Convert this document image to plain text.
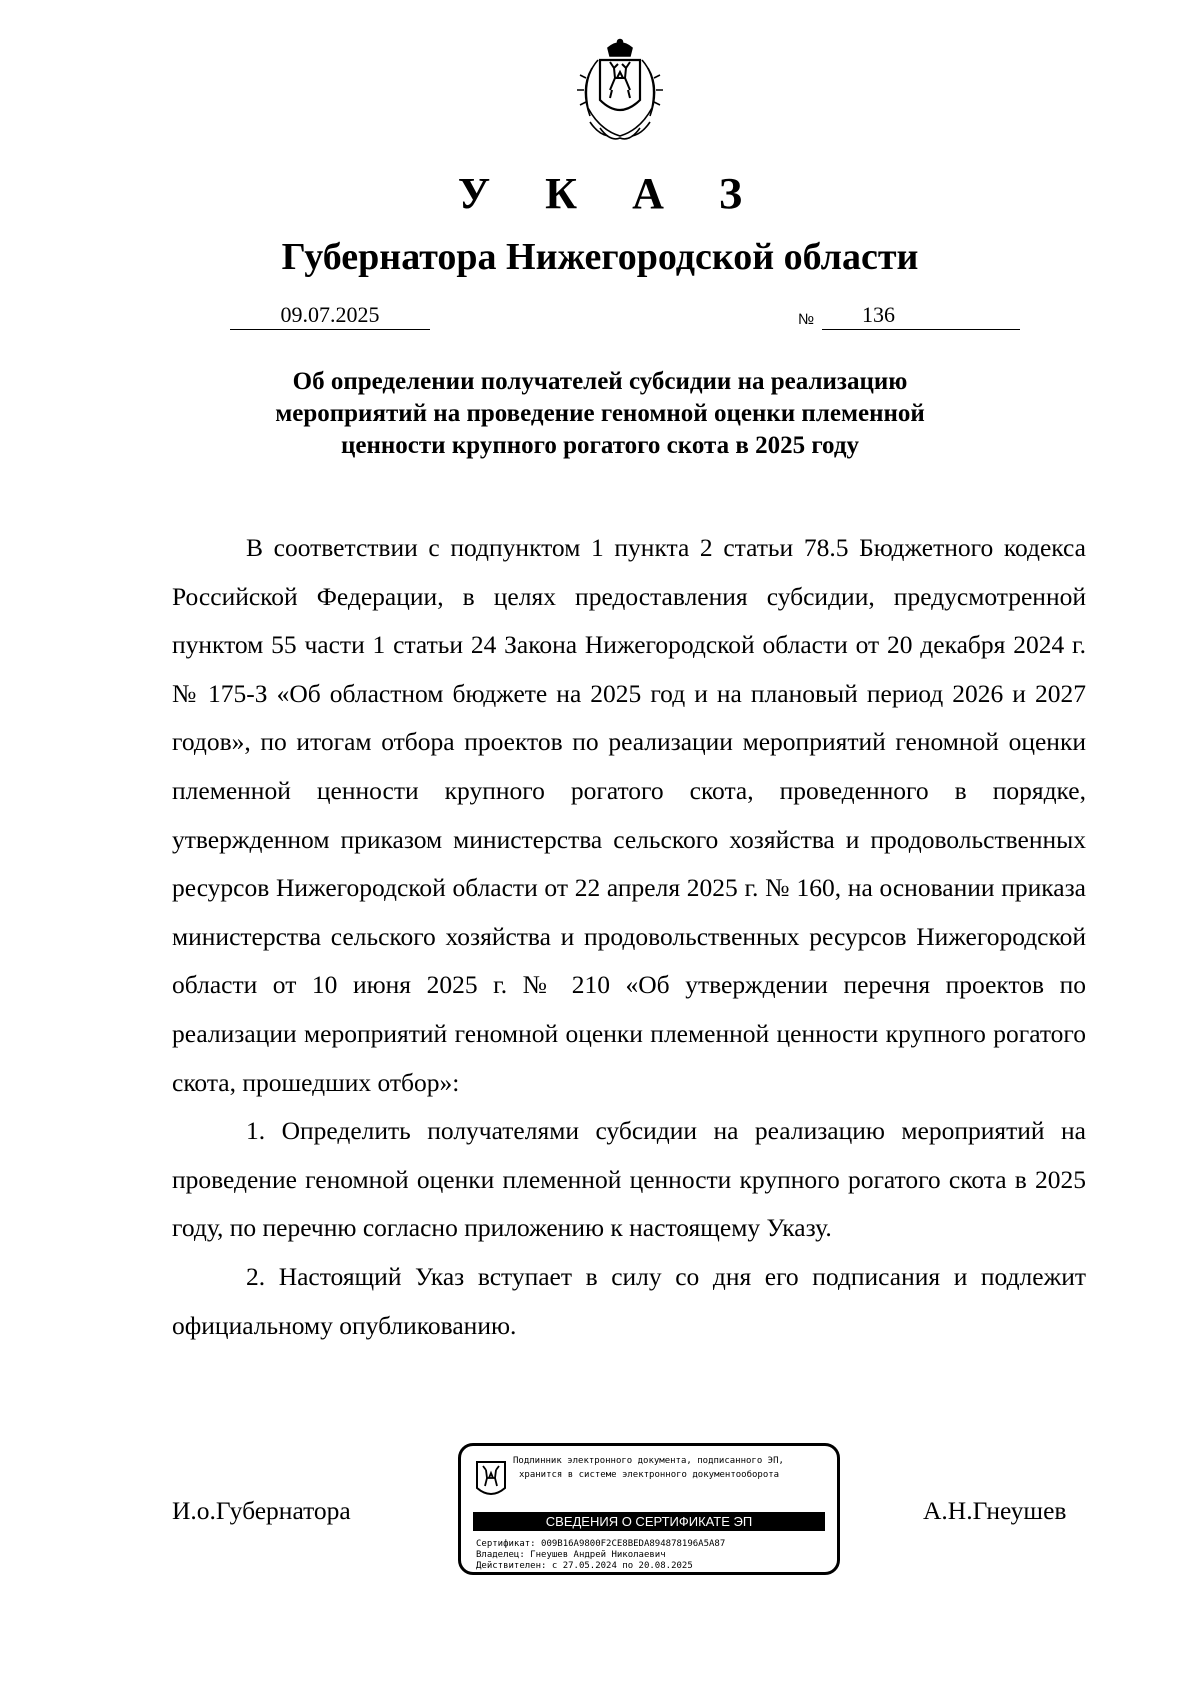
У К А З
Губернатора Нижегородской области
09.07.2025	№	136
Об определении получателей субсидии на реализацию
мероприятий на проведение геномной оценки племенной
ценности крупного рогатого скота в 2025 году

В соответствии с подпунктом 1 пункта 2 статьи 78.5 Бюджетного кодекса Российской Федерации, в целях предоставления субсидии, предусмотренной пунктом 55 части 1 статьи 24 Закона Нижегородской области от 20 декабря 2024 г. № 175-З «Об областном бюджете на 2025 год и на плановый период 2026 и 2027 годов», по итогам отбора проектов по реализации мероприятий геномной оценки племенной ценности крупного рогатого скота, проведенного в порядке, утвержденном приказом министерства сельского хозяйства и продовольственных ресурсов Нижегородской области от 22 апреля 2025 г. № 160, на основании приказа министерства сельского хозяйства и продовольственных ресурсов Нижегородской области от 10 июня 2025 г. № 210 «Об утверждении перечня проектов по реализации мероприятий геномной оценки племенной ценности крупного рогатого скота, прошедших отбор»:

1. Определить получателями субсидии на реализацию мероприятий на проведение геномной оценки племенной ценности крупного рогатого скота в 2025 году, по перечню согласно приложению к настоящему Указу.

2. Настоящий Указ вступает в силу со дня его подписания и подлежит официальному опубликованию.

И.о.Губернатора	А.Н.Гнеушев
Подлинник электронного документа, подписанного ЭП,
хранится в системе электронного документооборота
СВЕДЕНИЯ О СЕРТИФИКАТЕ ЭП
Сертификат: 009B16A9800F2CE8BEDA894878196A5A87
Владелец: Гнеушев Андрей Николаевич
Действителен: с 27.05.2024 по 20.08.2025
